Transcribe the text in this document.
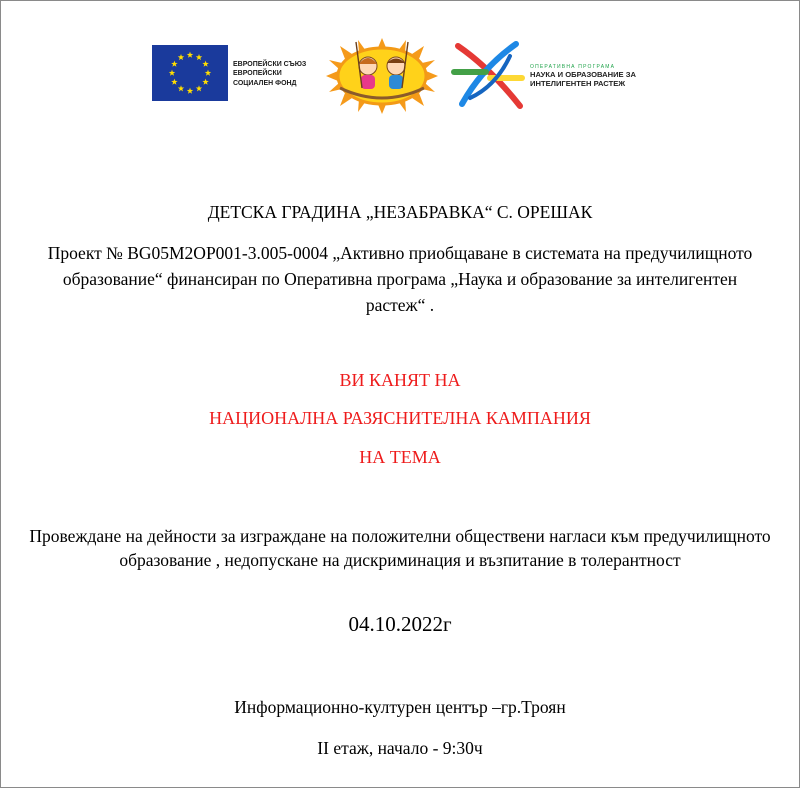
ЕВРОПЕЙСКИ СЪЮЗ
ЕВРОПЕЙСКИ
СОЦИАЛЕН ФОНД
ОПЕРАТИВНА ПРОГРАМА
НАУКА И ОБРАЗОВАНИЕ ЗА
ИНТЕЛИГЕНТЕН РАСТЕЖ

ДЕТСКА ГРАДИНА „НЕЗАБРАВКА“ С. ОРЕШАК

Проект № BG05M2OP001-3.005-0004 „Активно приобщаване в системата на предучилищното образование“ финансиран по Оперативна програма „Наука и образование за интелигентен растеж“ .

ВИ КАНЯТ НА

НАЦИОНАЛНА РАЗЯСНИТЕЛНА КАМПАНИЯ

НА ТЕМА

Провеждане на дейности за изграждане на положителни обществени нагласи към предучилищното образование , недопускане на дискриминация и възпитание в толерантност

04.10.2022г

Информационно-културен център –гр.Троян

II етаж, начало - 9:30ч
